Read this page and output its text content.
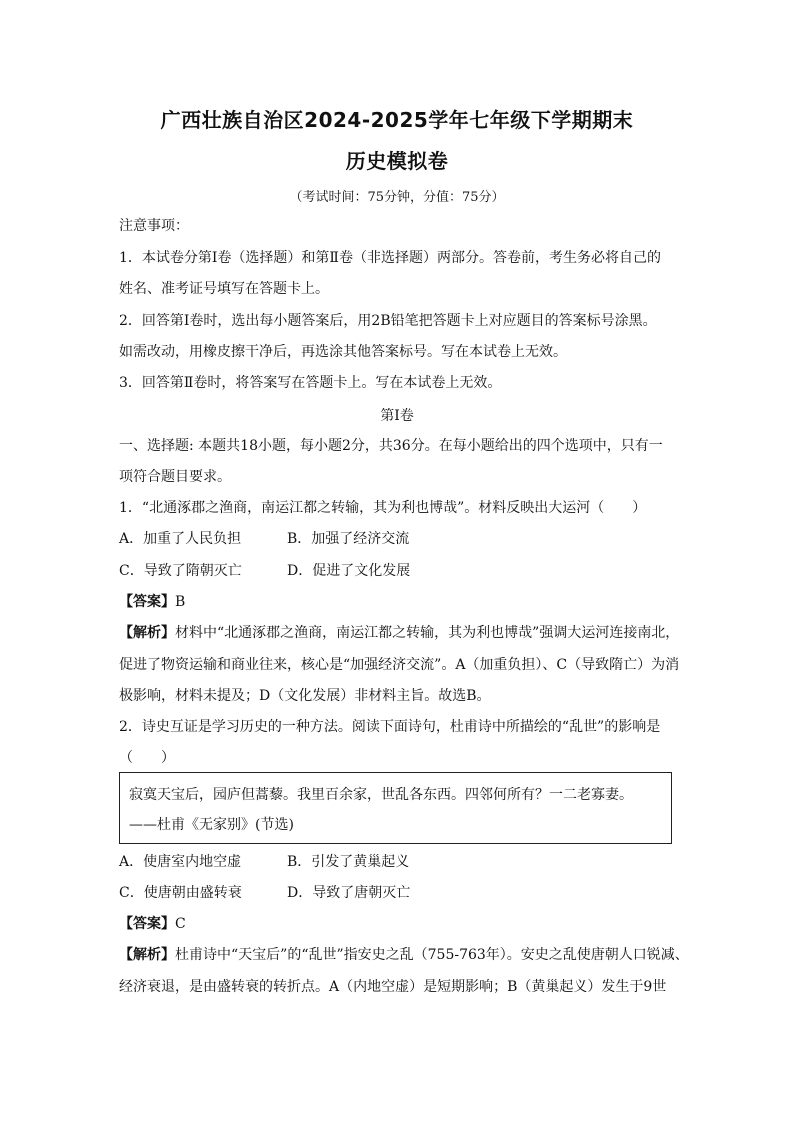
广西壮族自治区2024-2025学年七年级下学期期末
历史模拟卷
（考试时间：75分钟，分值：75分）
注意事项：
1．本试卷分第Ⅰ卷（选择题）和第Ⅱ卷（非选择题）两部分。答卷前，考生务必将自己的
姓名、准考证号填写在答题卡上。
2．回答第Ⅰ卷时，选出每小题答案后，用2B铅笔把答题卡上对应题目的答案标号涂黑。
如需改动，用橡皮擦干净后，再选涂其他答案标号。写在本试卷上无效。
3．回答第Ⅱ卷时，将答案写在答题卡上。写在本试卷上无效。
第Ⅰ卷
一、选择题: 本题共18小题，每小题2分，共36分。在每小题给出的四个选项中，只有一
项符合题目要求。
1．“北通涿郡之渔商，南运江都之转输，其为利也博哉”。材料反映出大运河（　　）
A．加重了人民负担	B．加强了经济交流
C．导致了隋朝灭亡	D．促进了文化发展
【答案】B
【解析】材料中“北通涿郡之渔商，南运江都之转输，其为利也博哉”强调大运河连接南北，
促进了物资运输和商业往来，核心是“加强经济交流”。A（加重负担）、C（导致隋亡）为消
极影响，材料未提及；D（文化发展）非材料主旨。故选B。
2．诗史互证是学习历史的一种方法。阅读下面诗句，杜甫诗中所描绘的“乱世”的影响是
（　　）
寂寞天宝后，园庐但蒿藜。我里百余家，世乱各东西。四邻何所有？一二老寡妻。
——杜甫《无家别》(节选)
A．使唐室内地空虚	B．引发了黄巢起义
C．使唐朝由盛转衰	D．导致了唐朝灭亡
【答案】C
【解析】杜甫诗中“天宝后”的“乱世”指安史之乱（755-763年）。安史之乱使唐朝人口锐减、
经济衰退，是由盛转衰的转折点。A（内地空虚）是短期影响；B（黄巢起义）发生于9世
